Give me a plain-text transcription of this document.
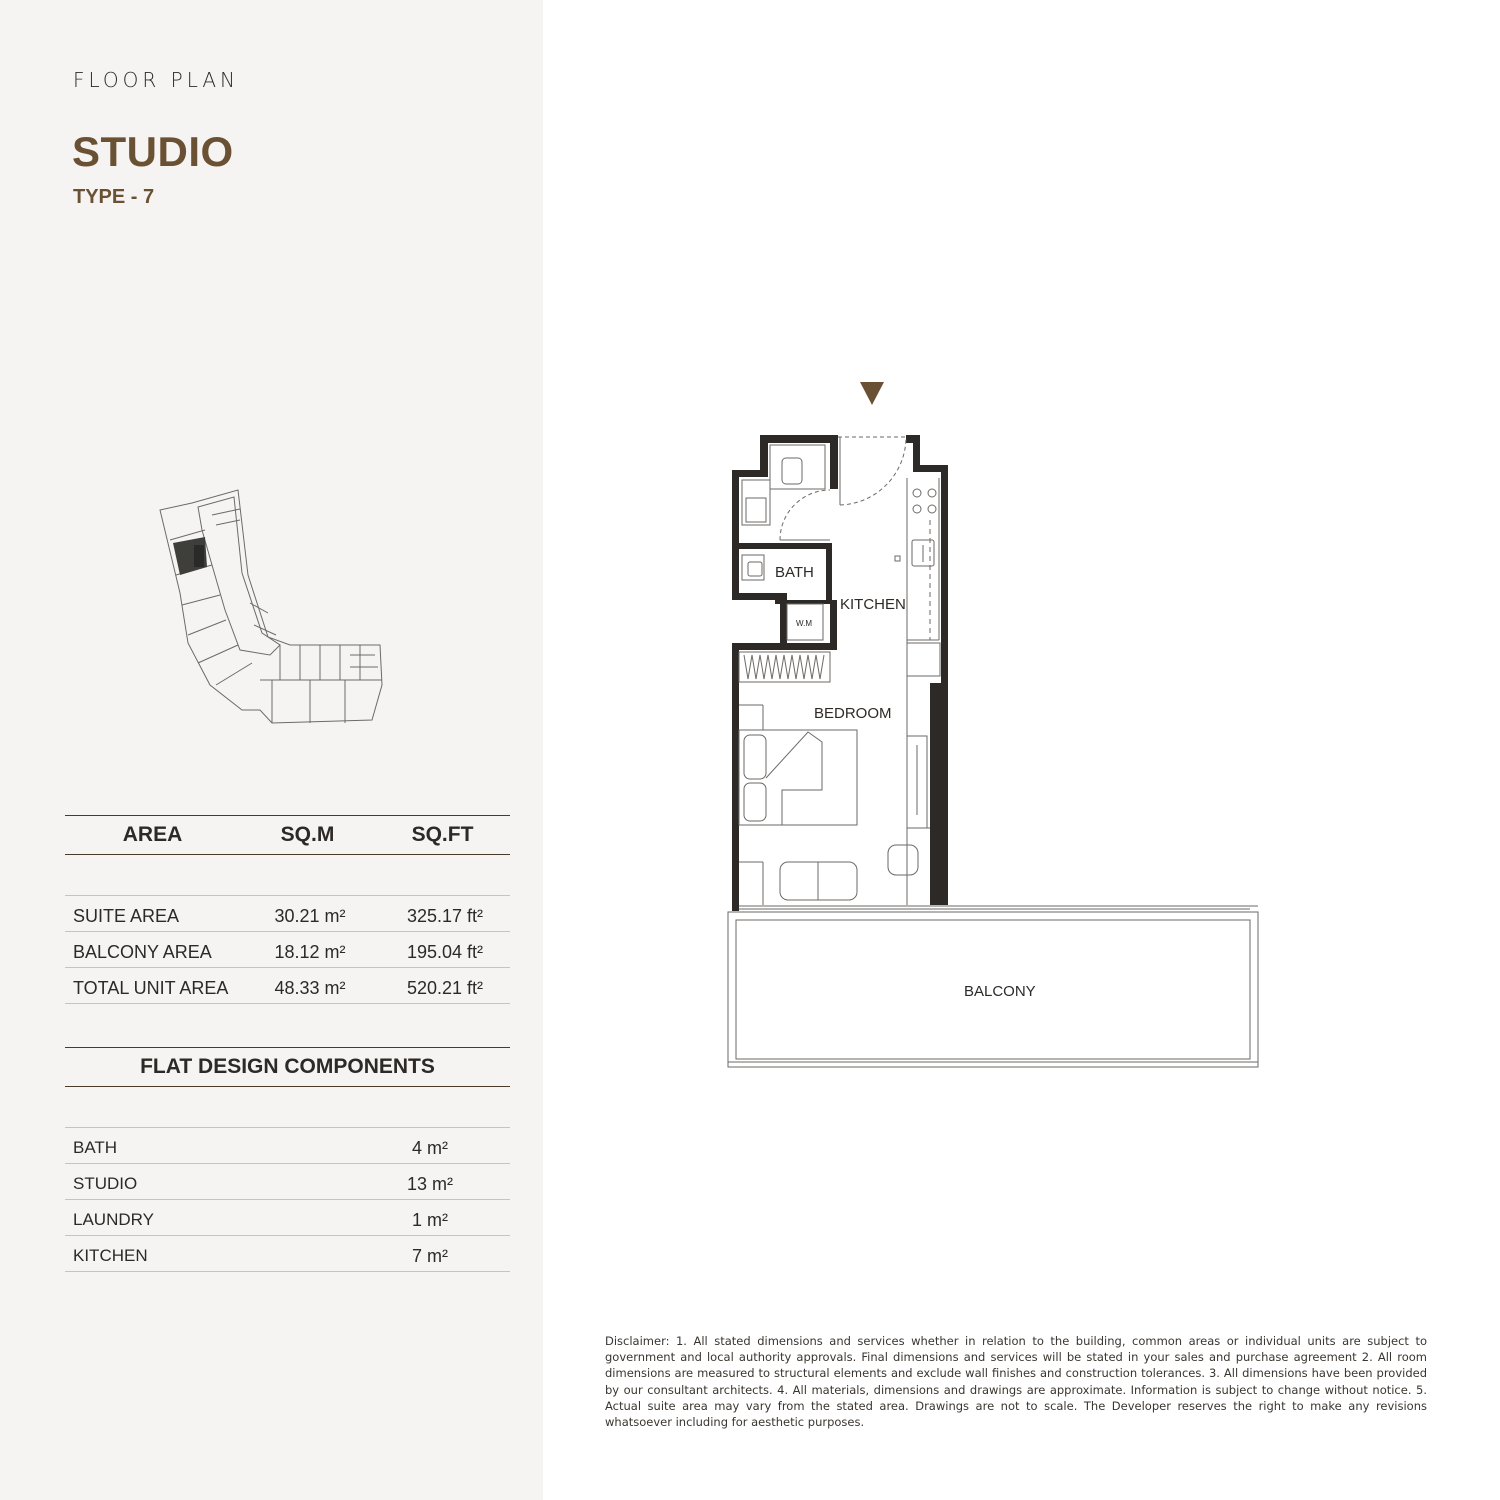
FLOOR PLAN
STUDIO
TYPE - 7
AREA	SQ.M	SQ.FT
SUITE AREA	30.21 m²	325.17 ft²
BALCONY AREA	18.12 m²	195.04 ft²
TOTAL UNIT AREA	48.33 m²	520.21 ft²
FLAT DESIGN COMPONENTS
BATH	4 m²
STUDIO	13 m²
LAUNDRY	1 m²
KITCHEN	7 m²
BATH
KITCHEN
BEDROOM
BALCONY
W.M
Disclaimer: 1. All stated dimensions and services whether in relation to the building, common areas or individual units are subject to government and local authority approvals. Final dimensions and services will be stated in your sales and purchase agreement 2. All room dimensions are measured to structural elements and exclude wall finishes and construction tolerances. 3. All dimensions have been provided by our consultant architects. 4. All materials, dimensions and drawings are approximate. Information is subject to change without notice. 5. Actual suite area may vary from the stated area. Drawings are not to scale. The Developer reserves the right to make any revisions whatsoever including for aesthetic purposes.
